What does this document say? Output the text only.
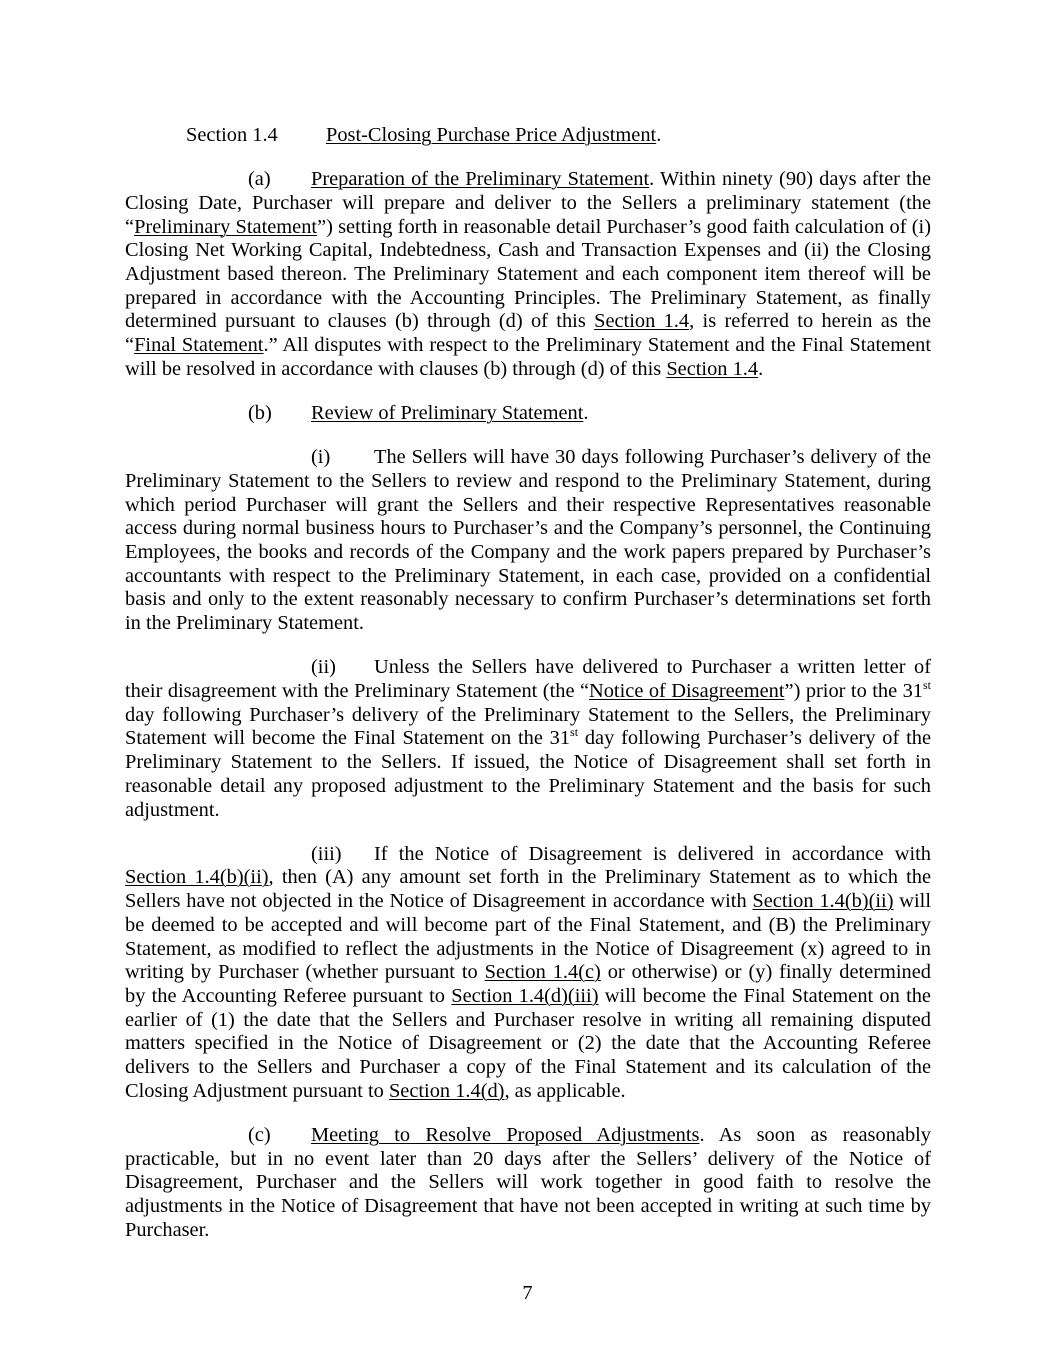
Section 1.4 Post-Closing Purchase Price Adjustment.

(a) Preparation of the Preliminary Statement. Within ninety (90) days after the Closing Date, Purchaser will prepare and deliver to the Sellers a preliminary statement (the “Preliminary Statement”) setting forth in reasonable detail Purchaser’s good faith calculation of (i) Closing Net Working Capital, Indebtedness, Cash and Transaction Expenses and (ii) the Closing Adjustment based thereon. The Preliminary Statement and each component item thereof will be prepared in accordance with the Accounting Principles. The Preliminary Statement, as finally determined pursuant to clauses (b) through (d) of this Section 1.4, is referred to herein as the “Final Statement.” All disputes with respect to the Preliminary Statement and the Final Statement will be resolved in accordance with clauses (b) through (d) of this Section 1.4.

(b) Review of Preliminary Statement.

(i) The Sellers will have 30 days following Purchaser’s delivery of the Preliminary Statement to the Sellers to review and respond to the Preliminary Statement, during which period Purchaser will grant the Sellers and their respective Representatives reasonable access during normal business hours to Purchaser’s and the Company’s personnel, the Continuing Employees, the books and records of the Company and the work papers prepared by Purchaser’s accountants with respect to the Preliminary Statement, in each case, provided on a confidential basis and only to the extent reasonably necessary to confirm Purchaser’s determinations set forth in the Preliminary Statement.

(ii) Unless the Sellers have delivered to Purchaser a written letter of their disagreement with the Preliminary Statement (the “Notice of Disagreement”) prior to the 31st day following Purchaser’s delivery of the Preliminary Statement to the Sellers, the Preliminary Statement will become the Final Statement on the 31st day following Purchaser’s delivery of the Preliminary Statement to the Sellers. If issued, the Notice of Disagreement shall set forth in reasonable detail any proposed adjustment to the Preliminary Statement and the basis for such adjustment.

(iii) If the Notice of Disagreement is delivered in accordance with Section 1.4(b)(ii), then (A) any amount set forth in the Preliminary Statement as to which the Sellers have not objected in the Notice of Disagreement in accordance with Section 1.4(b)(ii) will be deemed to be accepted and will become part of the Final Statement, and (B) the Preliminary Statement, as modified to reflect the adjustments in the Notice of Disagreement (x) agreed to in writing by Purchaser (whether pursuant to Section 1.4(c) or otherwise) or (y) finally determined by the Accounting Referee pursuant to Section 1.4(d)(iii) will become the Final Statement on the earlier of (1) the date that the Sellers and Purchaser resolve in writing all remaining disputed matters specified in the Notice of Disagreement or (2) the date that the Accounting Referee delivers to the Sellers and Purchaser a copy of the Final Statement and its calculation of the Closing Adjustment pursuant to Section 1.4(d), as applicable.

(c) Meeting to Resolve Proposed Adjustments. As soon as reasonably practicable, but in no event later than 20 days after the Sellers’ delivery of the Notice of Disagreement, Purchaser and the Sellers will work together in good faith to resolve the adjustments in the Notice of Disagreement that have not been accepted in writing at such time by Purchaser.

7
